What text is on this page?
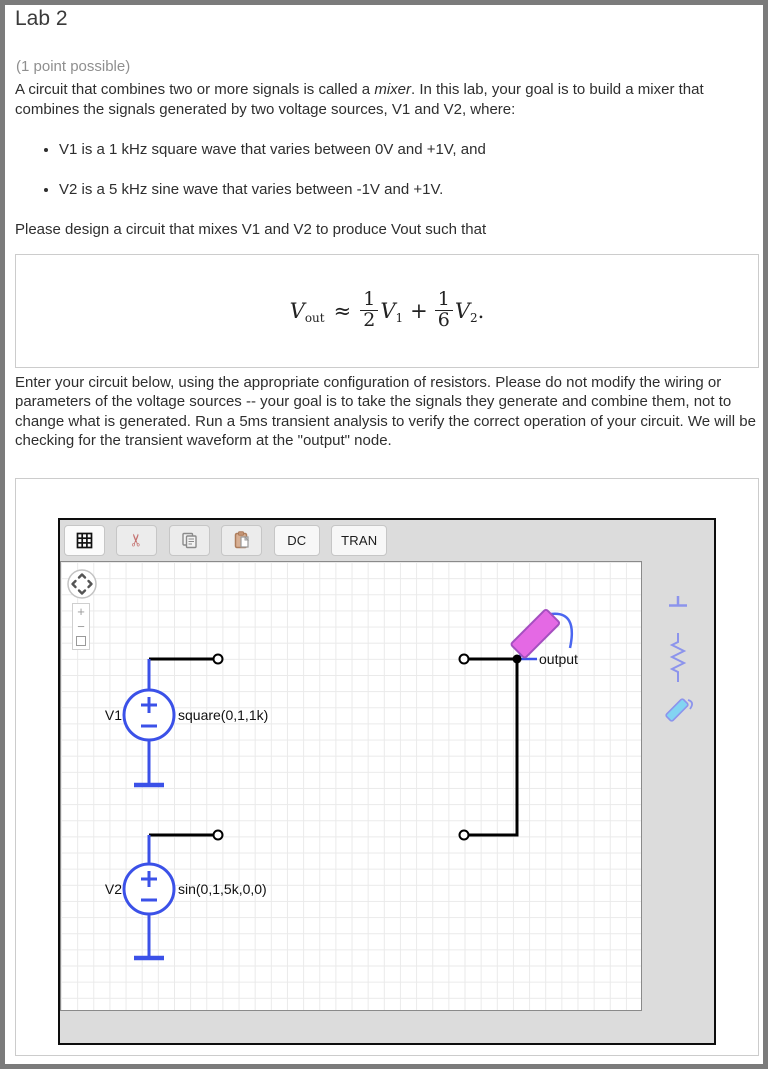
Lab 2
(1 point possible)

A circuit that combines two or more signals is called a mixer. In this lab, your goal is to build a mixer that combines the signals generated by two voltage sources, V1 and V2, where:

• V1 is a 1 kHz square wave that varies between 0V and +1V, and
• V2 is a 5 kHz sine wave that varies between -1V and +1V.

Please design a circuit that mixes V1 and V2 to produce Vout such that

$V_{out} \approx \frac{1}{2} V_1 + \frac{1}{6} V_2$ .

Enter your circuit below, using the appropriate configuration of resistors. Please do not modify the wiring or parameters of the voltage sources -- your goal is to take the signals they generate and combine them, not to change what is generated. Run a 5ms transient analysis to verify the correct operation of your circuit. We will be checking for the transient waveform at the "output" node.

✂

	DC	TRAN
V1	square(0,1,1k)
V2	sin(0,1,5k,0,0)
output
+
−
